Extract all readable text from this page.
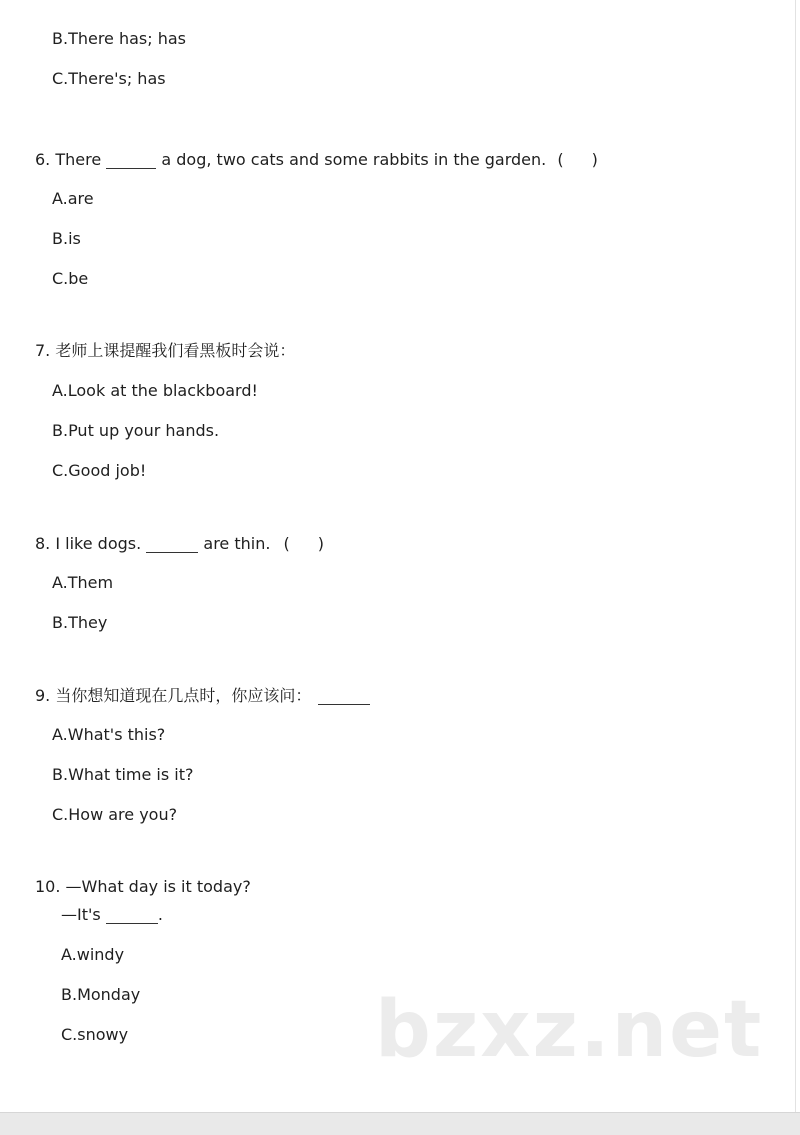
B.There has; has
C.There's; has
6. There	a dog, two cats and some rabbits in the garden. ( )
A.are
B.is
C.be
7. 老师上课提醒我们看黑板时会说：
A.Look at the blackboard!
B.Put up your hands.
C.Good job!
8. I like dogs.	are thin. ( )
A.Them
B.They
9. 当你想知道现在几点时，你应该问：
A.What's this?
B.What time is it?
C.How are you?
10. —What day is it today?
—It's	.
A.windy
B.Monday
C.snowy	bzxz.net
